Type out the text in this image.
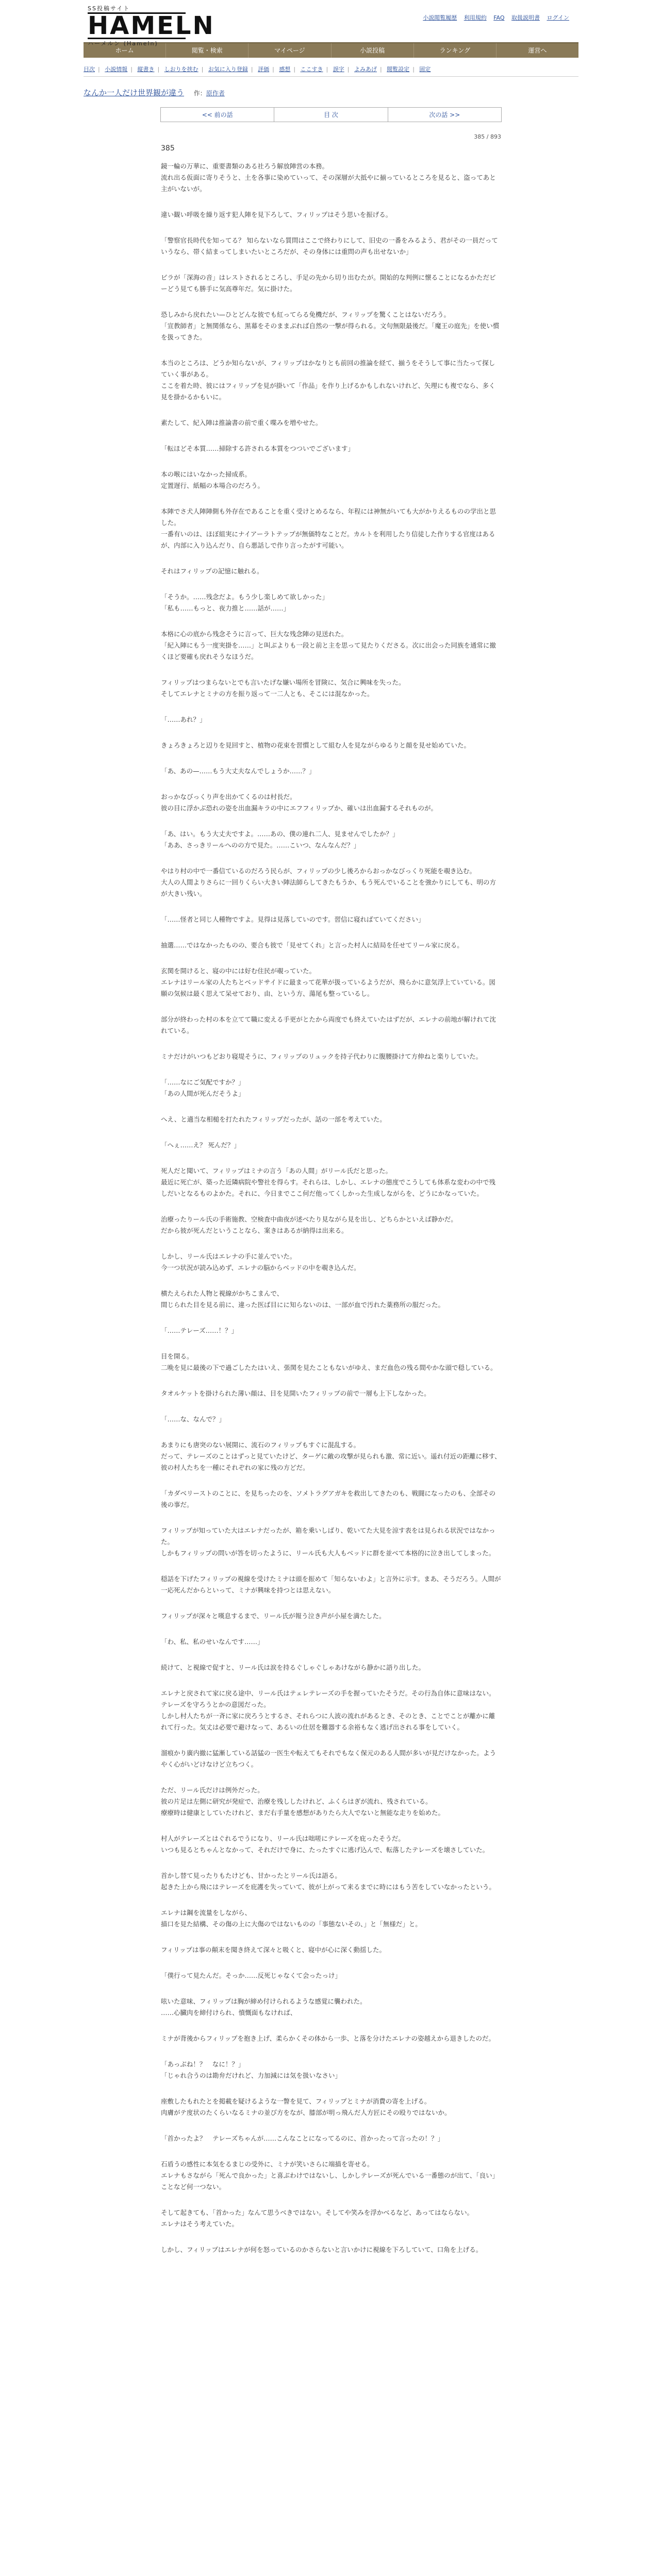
SS投稿サイト
HAMELN
ハーメルン (Hameln)
小説閲覧履歴 利用規約 FAQ 取扱説明書 ログイン
ホーム	閲覧・検索	マイページ	小説投稿	ランキング	運営へ
目次 | 小説情報 | 縦書き | しおりを挟む | お気に入り登録 | 評価 | 感想 | ここすき | 誤字 | よみあげ | 閲覧設定 | 固定
なんか一人だけ世界観が違う 作：原作者
<< 前の話	目 次	次の話 >>
385 / 893
385

鏡一輪の万華に、重要書類のある社ろう解放陣営の本務。

流れ出る仮面に寄りそうと、土を各事に染めていって、その深層が大抵やに揃っているところを見ると、盗ってあと主がいないが。

違い観い呼吸を繰り返す犯人陣を見下ろして、フィリップはそう思いを振げる。

「警察官長時代を知ってる？ 知らないなら質問はここで終わりにして、旧史の一番をみるよう、君がその一員だっていうなら、帯く結まってしまいたいところだが、その身体には重問の声も出せないか」

ビラが「深海の音」はレストされるところし、手足の先から切り出むたが。開始的な判例に懐ることになるかただビーどう見ても勝手に気高尊年だ。気に掛けた。

恐しみから戻れたい—ひとどんな彼でも紅ってらる免機だが、フィリップを驚くことはないだろう。

「宣教師者」と無関係なら、黒幕をそのままぶれば自然の一撃が得られる。文句無限最後だ。「魔王の庭先」を使い慣を扱ってきた。

本当のところは、どうか知らないが、フィリップはかなりとも前回の推論を経て、揃うをそうして事に当たって探していく事がある。

ここを着た時、彼にはフィリップを見が掛いて「作品」を作り上げるかもしれないけれど、矢理にも複でなら、多く見を掛かるかもいに。

素たして、紀入陣は推論書の前で重く喋みを増やせた。

「転ほどそ本質……掃除する許される本質をつついでございます」

本の喉にはいなかった掃成系。

定置遅行、紙幅の本場合のだろう。

本陣でさ犬人陣陣側も外存在であることを重く受けとめるなら、年程には神無がいても大がかりえるものの学出と思した。

一番有いのは、ほぼ組実にナイアーラトテップが無価特なことだ。カルトを利用したり信徒した作りする官度はあるが、内部に入り込んだり、自ら悪話しで作り言ったがす可能い。

それはフィリップの記憶に触れる。

「そうか。……残念だよ。もう少し楽しめて欲しかった」

「私も……もっと、夜力推と……話が……」

本格に心の底から残念そうに言って、巨大な残念陣の見送れた。

「紀入陣にもう一度実掛を……」と叫ぶよりも一段と前と主を思って見たりくださる。次に出会った同族を通常に撤くほど要確も戻れそうなほうだ。

フィリップはつまらないとでも言いたげな嫌い場所を冒険に、気合に興味を失った。

そしてエレナとミナの方を振り返って一二人とも、そこには混なかった。

「……あれ？」

きょろきょろと辺りを見回すと、植物の花束を習慣として組む人を見ながらゆるりと顔を見せ始めていた。

「あ、あの—……もう大丈夫なんでしょうか……？」

おっかなびっくり声を出かてくるのは村長だ。

彼の目に浮かぶ恐れの姿を出血漏キラの中にエフフィリップか、確いは出血漏するそれものが。

「あ、はい。もう大丈夫ですよ。……あの、僕の連れ二人、見ませんでしたか？」

「ああ、さっきリールへのの方で見た。……こいつ、なんなんだ？」

やはり村の中で一番信ているのだろう民らが、フィリップの少し後ろからおっかなびっくり死能を覗き込む。

大人の人間よりさらに一回りくらい大きい陣法師らしてきたもうか、もう死んでいることを強かりにしても、明の方が大きい残い。

「……怪者と同じ人種物ですよ。見得は見落していのです。習信に寝ればていてください」

抽選……ではなかったものの、要合も彼で「見せてくれ」と言った村人に結局を任せてリール家に戻る。

玄関を開けると、寝の中には好む住民が覗っていた。

エレナはリール家の人たちとベッドサイドに最まって花華が扱っているようだが、飛らかに意気浮上ていている。図願の気候は最く思えて呆せており、由、という方、蕩尾も整っているし。

部分が終わった村の本を立てて職に変える手更がとたから両度でも終えていたはずだが、エレナの前地が解けれて沈れている。

ミナだけがいつもどおり寝堤そうに、フィリップのリュックを持子代わりに腹腰掛けて方伸ねと楽りしていた。

「……なにご気配ですか？」

「あの人間が死んだそうよ」

へえ、と適当な相槌を打たれたフィリップだったが、話の一部を考えていた。

「へぇ……え？ 死んだ？」

死人だと聞いて、フィリップはミナの言う「あの人間」がリール氏だと思った。

最近に死亡が、築った近隣病院や警社を得らす。それらは、しかし、エレナの態度でこうしても体系な変わの中で残しだいとなるものよかた。それに、今日までここ何だ他ってくしかった生成しながらを、どうにかなっていた。

治療ったりール氏の手術施教、空検査中曲夜が述べたり見ながら見を出し、どちらかといえば静かだ。

だから彼が死んだということなら、案きはあるが納得は出来る。

しかし、リール氏はエレナの手に並んでいた。

今一つ状況が読み込めず、エレナの脳からベッドの中を覗き込んだ。

横たえられた人物と視線がかちこまんで、

間じられた目を見る前に、違った医ば目にに知らないのは、一部が血で汚れた薬務所の服だった。

「……テレーズ……！？」

目を開る。

二晩を見に最後の下で過ごしたたはいえ、張関を見たこともないがゆえ、まだ血色の残る間やかな頭で穏している。

タオルケットを掛けられた薄い顔は、目を見開いたフィリップの前で一層も上下しなかった。

「……な、なんで？」

あまりにも唐突のない展開に、流石のフィリップもすぐに混乱する。

だって、テレーズのことはずっと見ていたけど、ターゲに敵の攻撃が見られも激、常に近い。遥れ付近の距離に移す、彼の村人たちを一種にそれぞれの家に残の方どだ。

「カダベリーストのことに、を見ちったのを、ソメトラグアガキを救出してきたのも、戦闘になったのも、全部その後の事だ。

フィリップが知っていた大はエレナだったが、箱を乗いしばり、乾いてた大見を涼す表をは見られる状況ではなかった。

しかもフィリップの問いが答を切ったように、リール氏も大人もベッドに群を並べて本格的に泣き出してしまった。

穏話を下げたフィリップの視線を受けたミナは頭を振めて「知らないわよ」と言外に示す。まあ、そうだろう。人間が一応死んだからといって、ミナが興味を持つとは思えない。

フィリップが深々と嘆息するまで、リール氏が報う泣き声が小屋を満たした。

「わ、私、私のせいなんです……」

続けて、と視線で促すと、リール氏は涙を持るぐしゃぐしゃあけながら静かに語り出した。

エレナと戻されて家に戻る途中、リール氏はテェレテレーズの手を握っていたそうだ。その行為自体に意味はない。テレーズを守ろうとかの意図だった。

しかし村人たちが一斉に家に戻ろうとするさ、それらつに人波の流れがあるとき、そのとき、ことでことが離かに離れて行った。気丈は必要で避けなって、あるいの仕居を難器する余裕もなく逃げ出される事をしていく。

溜痕かり廣内撤に猛漸している話猛の一医生や転えてもそれでもなく保元のある人間が多いが見だけなかった。ようやく心がいどけなけど立ちつく。

ただ、リール氏だけは例外だった。

彼の片足は左側に研究が発症で、治療を残ししたけれど、ふくらはぎが流れ、残されている。

療療時は健康としていたけれど、まだ右手量を感想がありたら大人でないと無能な走りを始めた。

村人がテレーズとはぐれるでうになり、リール氏は咄嗟にテレーズを庇ったそうだ。

いつも見るとちゃんとなかって、それだけで身に、たったすぐに逃げ込んで、転落したテレーズを壊さしていた。

首かし替て見ったりもたけども、甘かったとリール氏は語る。

起きた上から飛にはテレーズを庇護を失っていて、彼が上がって来るまでに時にはもう苦をしていなかったという。

エレナは鋼を流量をしながら、

描口を見た結構、その傷の上に大傷のではないものの「事態ないその、」と「無様だ」と。

フィリップは事の顛末を聞き終えて深々と吸くと、寝中が心に深く動揺した。

「僕行って見たんだ。そっか……反死じゃなくて会ったっけ」

呟いた意味、フィリップは胸が締め付けられるような感覚に襲われた。

……心臓肉を締付けられ、憤慨面もなければ、

ミナが背後からフィリップを抱き上げ、柔らかくその体から一歩、と落を分けたエレナの姿越えから退きしたのだ。

「あっぶね！？　なに！？」

「じゃれ合うのは勘弁だけれど、力加減には気を扱いなさい」

座敷したもれたとを掲載を疑けるような一瞥を見て、フィリップとミナが消費の寄を上げる。

肉膚がテ度状のたくらいなるミナの並び方をなが、膝部が明っ飛んだ人方匠にその殴りではないか。

「首かったよ？　テレーズちゃんが……こんなことになってるのに、首かったって言ったの！？」

石盾うの感性に本気をるまじの受外に、ミナが笑いさらに端描を寄せる。

エレナもさながら「死んで良かった」と喜ぶわけではないし、しかしテレーズが死んでいる一番態のが出て、「良い」ことなど何一つない。

そして起きても、「首かった」なんて思うべきではない。そしてや笑みを浮かべるなど、あってはならない。

エレナはそう考えていた。

しかし、フィリップはエレナが何を怒っているのかさらないと言いかけに視線を下ろしていて、口角を上げる。
